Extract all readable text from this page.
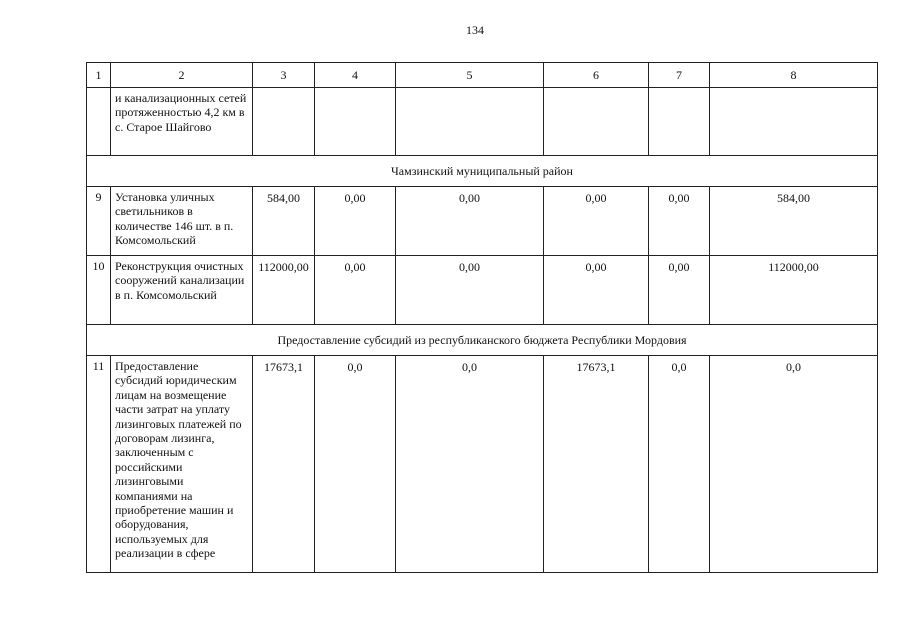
134
1	2	3	4	5	6	7	8
	и канализационных сетей протяженностью 4,2 км в с. Старое Шайгово						
Чамзинский муниципальный район							
9	Установка уличных светильников в количестве 146 шт. в п. Комсомольский	584,00	0,00	0,00	0,00	0,00	584,00
10	Реконструкция очистных сооружений канализации в п. Комсомольский	112000,00	0,00	0,00	0,00	0,00	112000,00
Предоставление субсидий из республиканского бюджета Республики Мордовия							
11	Предоставление субсидий юридическим лицам на возмещение части затрат на уплату лизинговых платежей по договорам лизинга, заключенным с российскими лизинговыми компаниями на приобретение машин и оборудования, используемых для реализации в сфере	17673,1	0,0	0,0	17673,1	0,0	0,0
